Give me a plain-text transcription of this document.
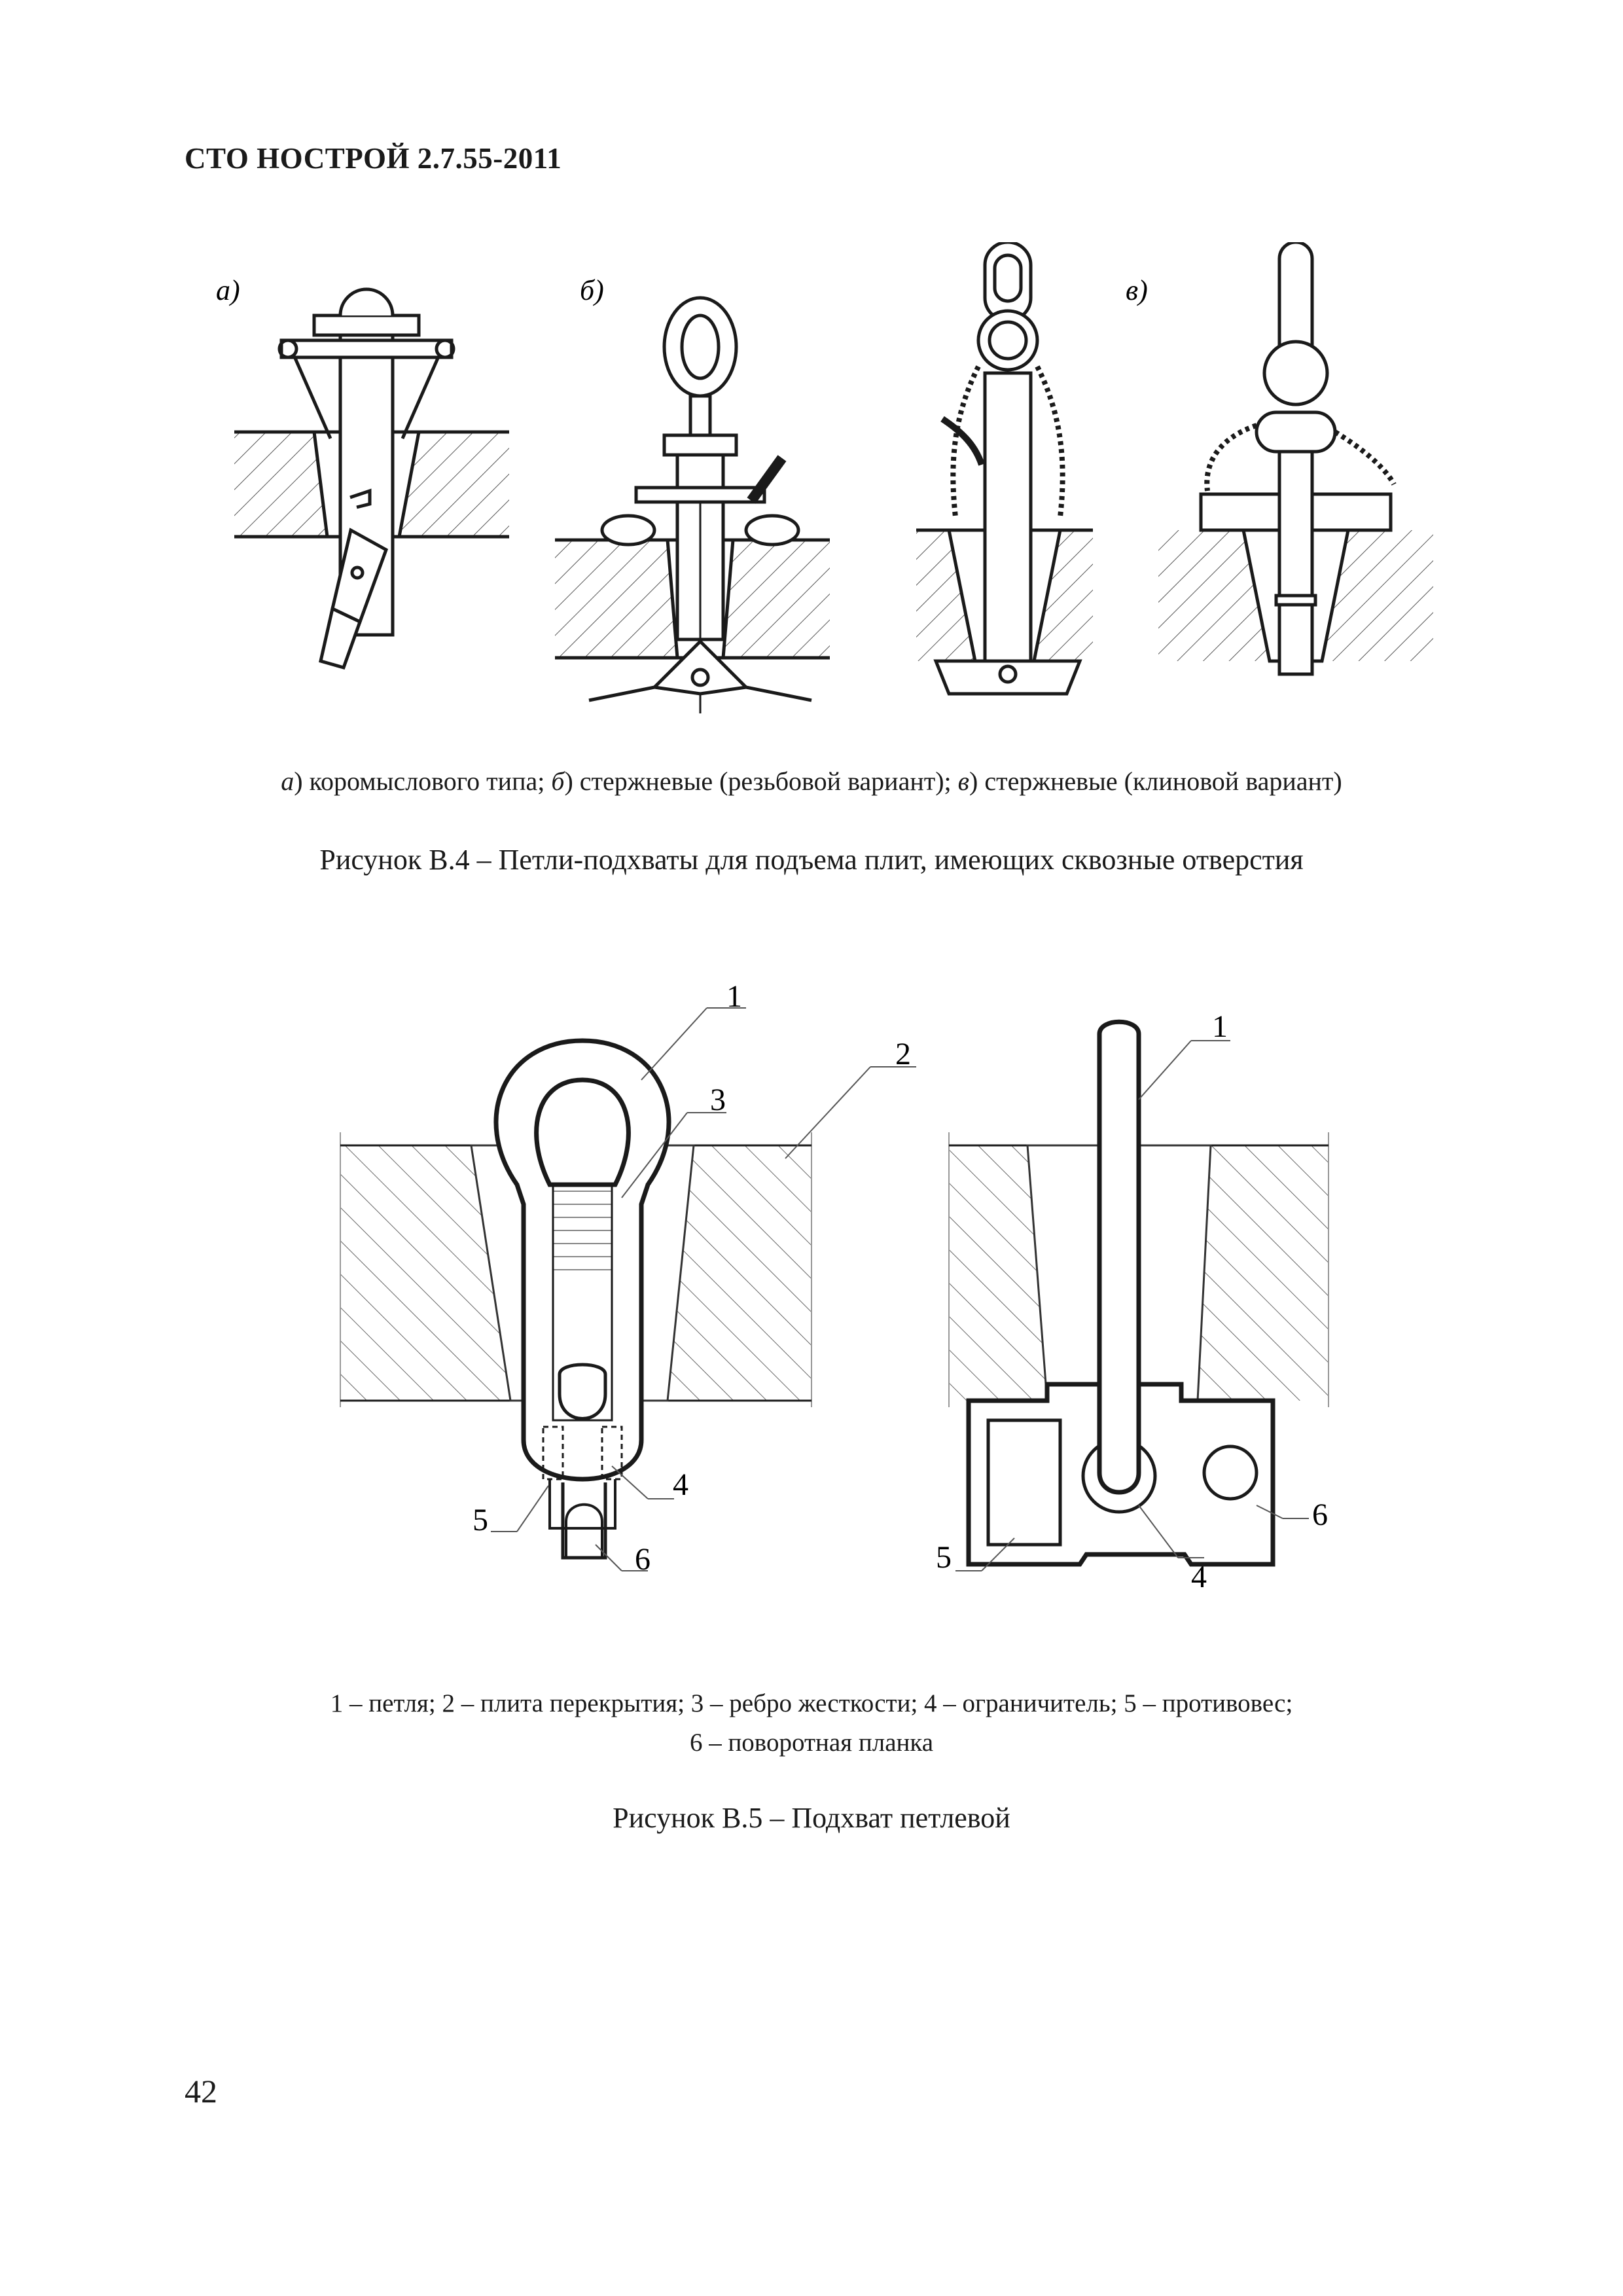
СТО НОСТРОЙ 2.7.55-2011
а)	б)	в)
а) коромыслового типа; б) стержневые (резьбовой вариант); в) стержневые (клиновой вариант)
Рисунок В.4 – Петли-подхваты для подъема плит, имеющих сквозные отверстия
1
2
3
4
5
6
1
4
5
6
1 – петля; 2 – плита перекрытия; 3 – ребро жесткости; 4 – ограничитель; 5 – противовес;
6 – поворотная планка
Рисунок В.5 – Подхват петлевой
42
